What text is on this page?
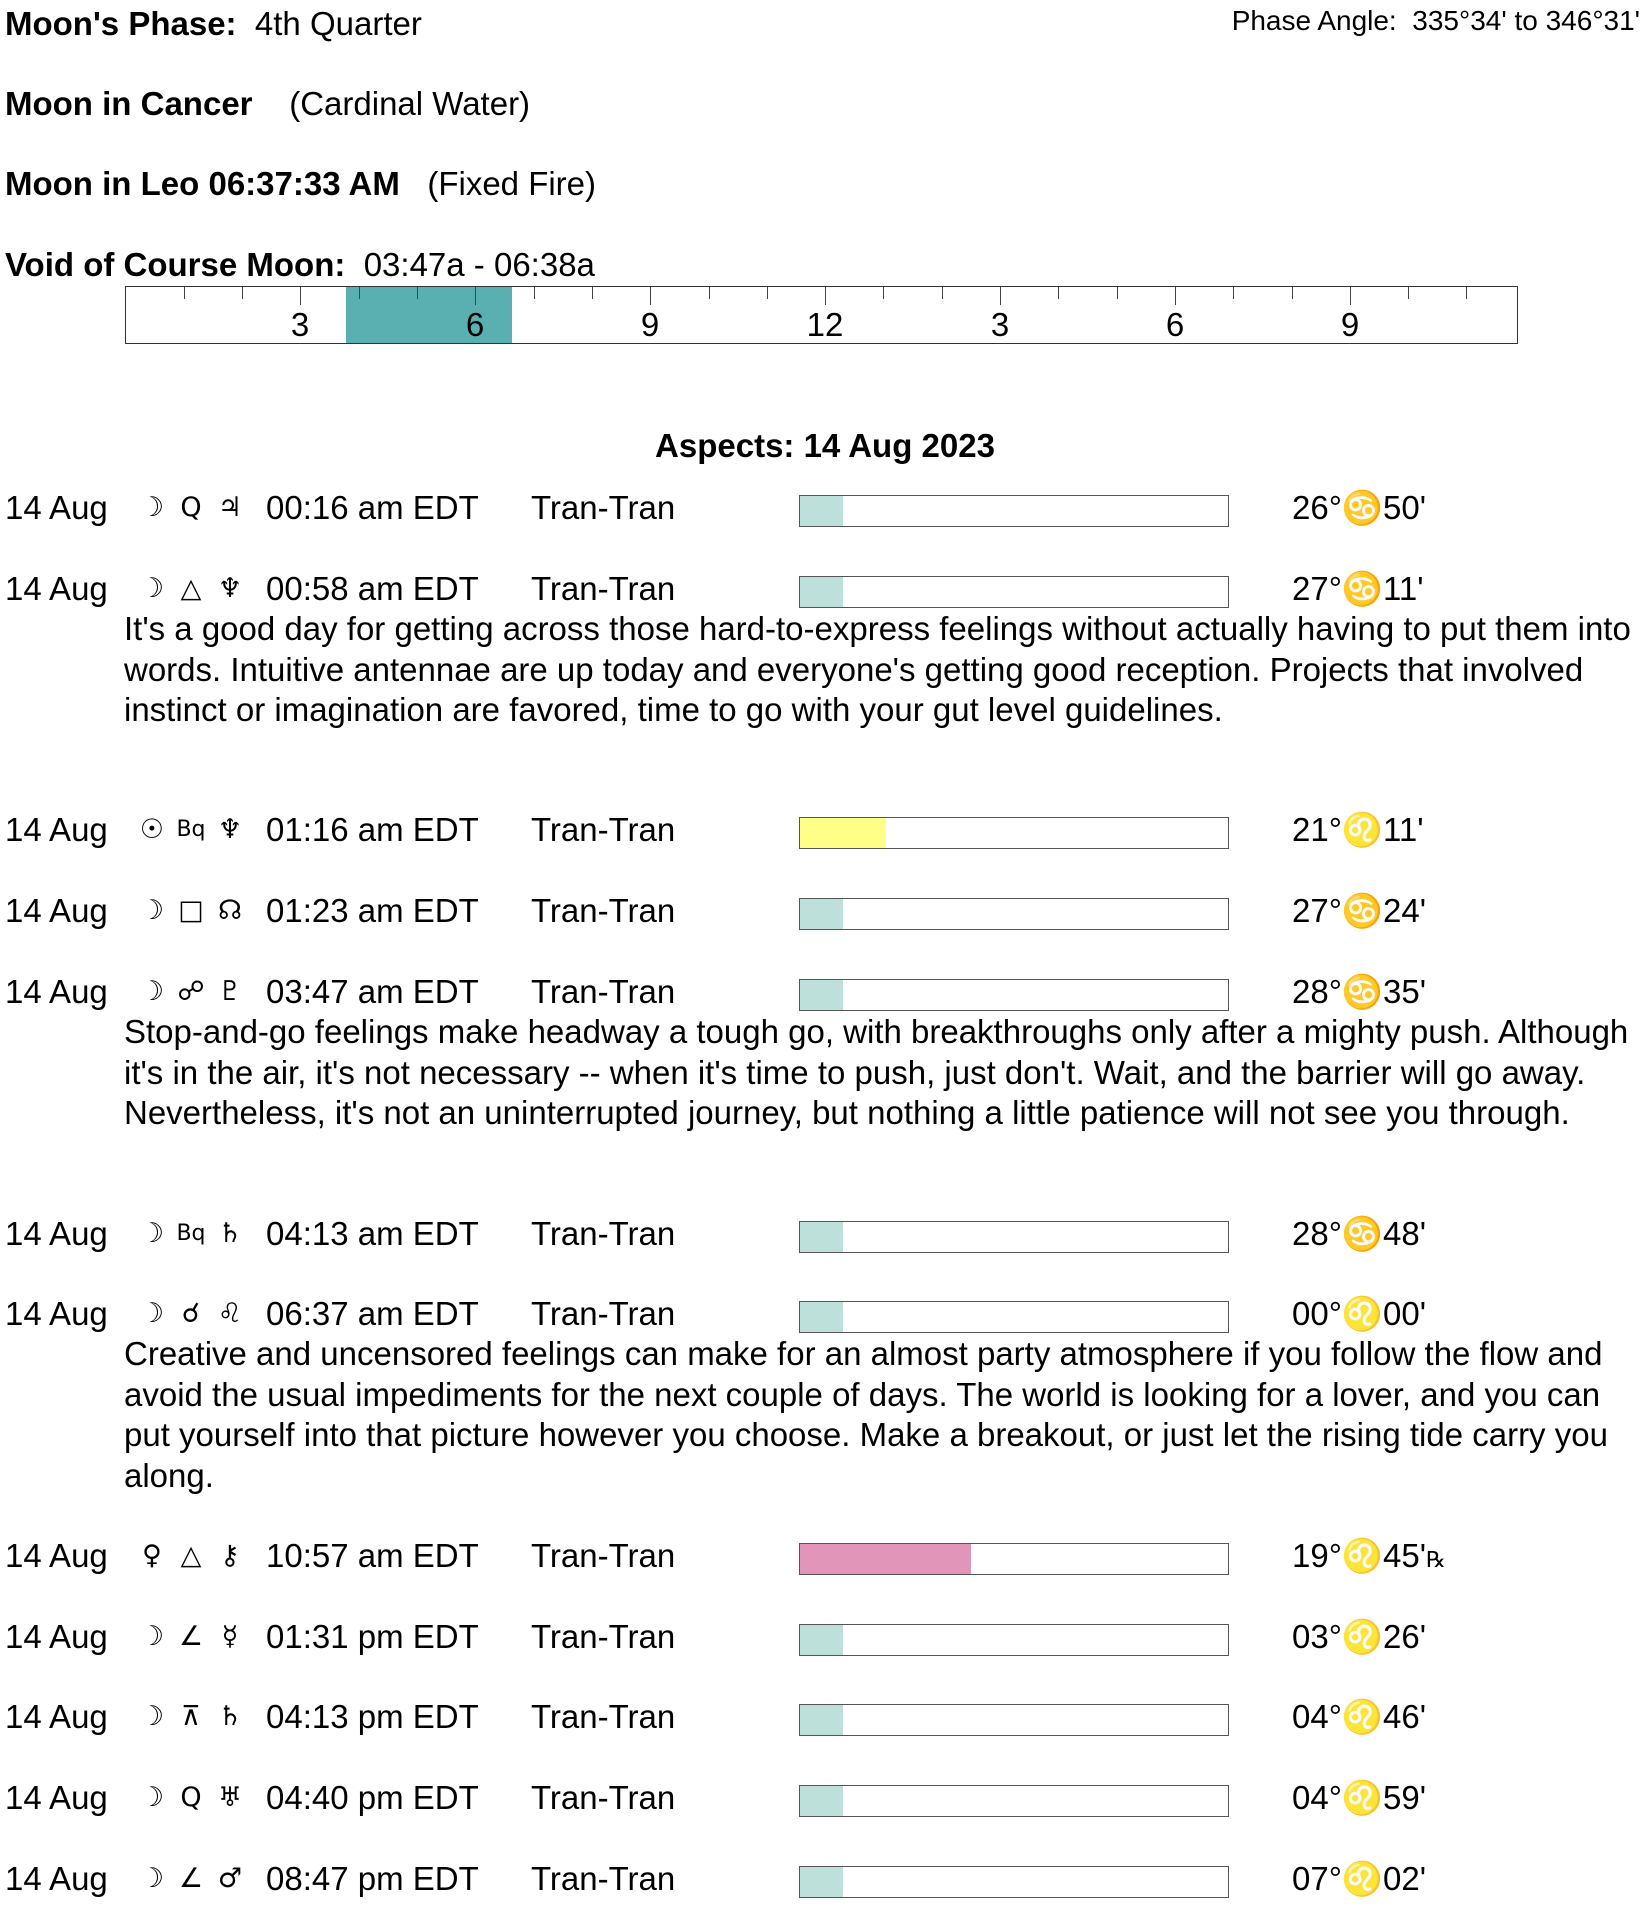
Moon's Phase: 4th Quarter	Phase Angle: 335°34' to 346°31'
Moon in Cancer (Cardinal Water)
Moon in Leo 06:37:33 AM (Fixed Fire)
Void of Course Moon: 03:47a - 06:38a
3	6	9	12	3	6	9
Aspects: 14 Aug 2023
14 Aug ☽ Q ♃ 00:16 am EDT Tran-Tran	26°♋50'
14 Aug ☽ △ ♆ 00:58 am EDT Tran-Tran	27°♋11'
It's a good day for getting across those hard-to-express feelings without actually having to put them into words. Intuitive antennae are up today and everyone's getting good reception. Projects that involved instinct or imagination are favored, time to go with your gut level guidelines.
14 Aug ☉ Bq ♆ 01:16 am EDT Tran-Tran	21°♌11'
14 Aug ☽ □ ☊ 01:23 am EDT Tran-Tran	27°♋24'
14 Aug ☽ ☍ ♇ 03:47 am EDT Tran-Tran	28°♋35'
Stop-and-go feelings make headway a tough go, with breakthroughs only after a mighty push. Although it's in the air, it's not necessary -- when it's time to push, just don't. Wait, and the barrier will go away. Nevertheless, it's not an uninterrupted journey, but nothing a little patience will not see you through.
14 Aug ☽ Bq ♄ 04:13 am EDT Tran-Tran	28°♋48'
14 Aug ☽ ☌ ♌ 06:37 am EDT Tran-Tran	00°♌00'
Creative and uncensored feelings can make for an almost party atmosphere if you follow the flow and avoid the usual impediments for the next couple of days. The world is looking for a lover, and you can put yourself into that picture however you choose. Make a breakout, or just let the rising tide carry you along.
14 Aug	♀ △ ⚷ 10:57 am EDT Tran-Tran	19°♌45'℞
14 Aug ☽ ∠ ☿ 01:31 pm EDT Tran-Tran	03°♌26'
14 Aug ☽ ⊼ ♄ 04:13 pm EDT Tran-Tran	04°♌46'
14 Aug ☽ Q ♅ 04:40 pm EDT Tran-Tran	04°♌59'
14 Aug ☽ ∠ ♂ 08:47 pm EDT Tran-Tran	07°♌02'
